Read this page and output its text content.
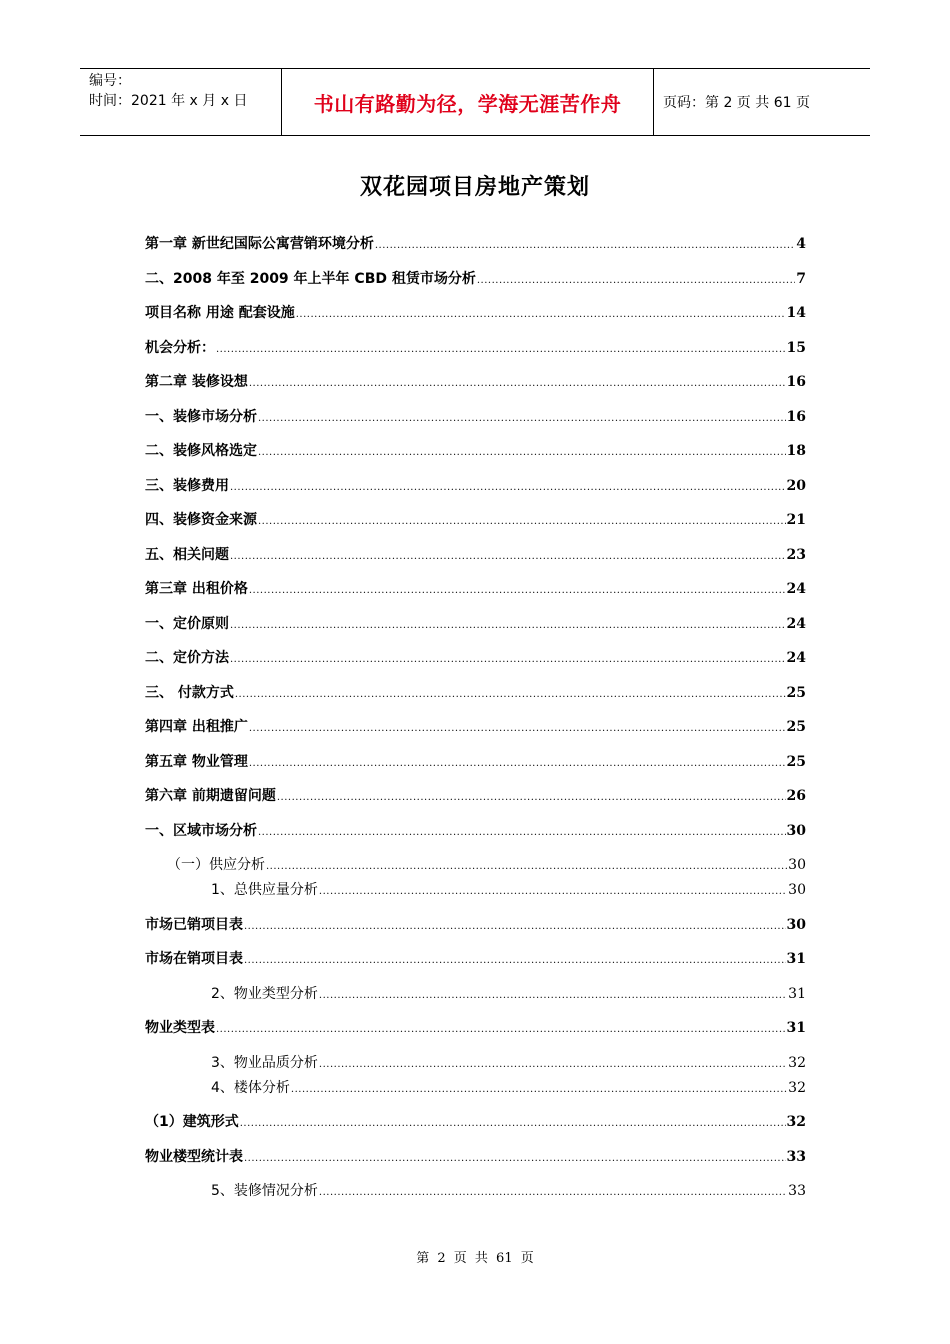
编号：
时间：2021 年 x 月 x 日	书山有路勤为径，学海无涯苦作舟	页码：第 2 页 共 61 页
双花园项目房地产策划
第一章 新世纪国际公寓营销环境分析 .....	4
二、2008 年至 2009 年上半年 CBD 租赁市场分析 .....	7
项目名称 用途 配套设施 .....	14
机会分析： .....	15
第二章 装修设想 .....	16
一、装修市场分析 .....	16
二、装修风格选定 .....	18
三、装修费用 .....	20
四、装修资金来源 .....	21
五、相关问题 .....	23
第三章 出租价格 .....	24
一、定价原则 .....	24
二、定价方法 .....	24
三、 付款方式 .....	25
第四章 出租推广 .....	25
第五章 物业管理 .....	25
第六章 前期遗留问题 .....	26
一、区域市场分析 .....	30
（一）供应分析 .....	30
1、总供应量分析 .....	30
市场已销项目表 .....	30
市场在销项目表 .....	31
2、物业类型分析 .....	31
物业类型表 .....	31
3、物业品质分析 .....	32
4、楼体分析 .....	32
（1）建筑形式 .....	32
物业楼型统计表 .....	33
5、装修情况分析 .....	33
第 2 页 共 61 页
